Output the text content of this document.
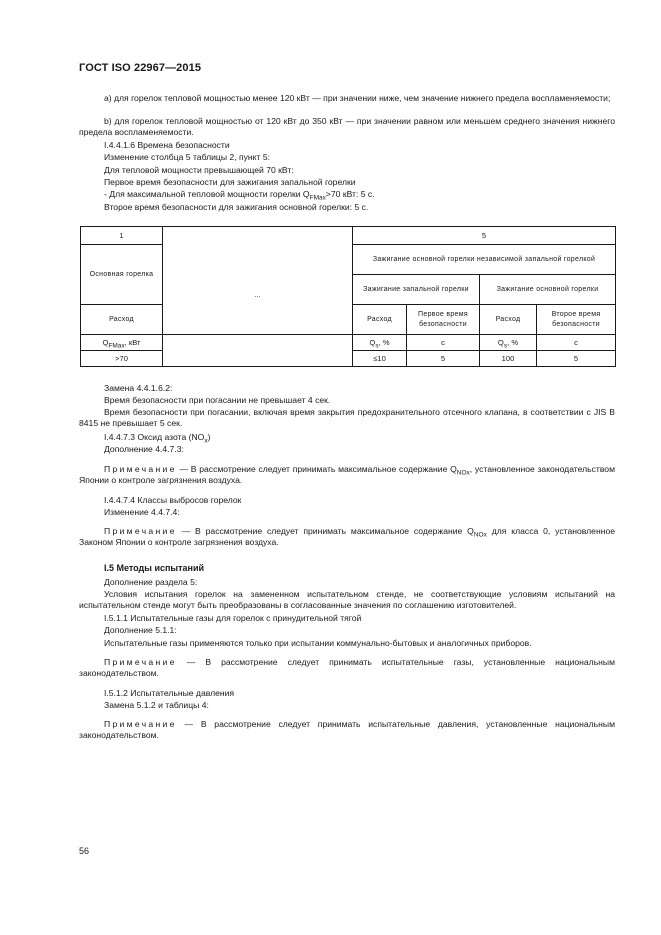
ГОСТ ISO 22967—2015
а) для горелок тепловой мощностью менее 120 кВт — при значении ниже, чем значение нижнего предела воспламеняемости;
b) для горелок тепловой мощностью от 120 кВт до 350 кВт — при значении равном или меньшем среднего значения нижнего предела воспламеняемости.
I.4.4.1.6 Времена безопасности
Изменение столбца 5 таблицы 2, пункт 5:
Для тепловой мощности превышающей 70 кВт:
Первое время безопасности для зажигания запальной горелки
- Для максимальной тепловой мощности горелки $Q_{FMax}>70$ кВт: 5 с.
Второе время безопасности для зажигания основной горелки: 5 с.
1	...	5			
Основная горелка		Зажигание основной горелки независимой запальной горелкой			
		Зажигание запальной горелки		Зажигание основной горелки	
Расход		Расход	Первое время безопасности	Расход	Второе время безопасности
$Q_{FMax}$, кВт		$Q_s$, %	c	$Q_s$, %	c
>70		≤10	5	100	5
Замена 4.4.1.6.2:
Время безопасности при погасании не превышает 4 сек.
Время безопасности при погасании, включая время закрытия предохранительного отсечного клапана, в соответствии с JIS B 8415 не превышает 5 сек.
I.4.4.7.3 Оксид азота $(NO_x)$
Дополнение 4.4.7.3:
Примечание — В рассмотрение следует принимать максимальное содержание $Q_{NOx}$, установленное законодательством Японии о контроле загрязнения воздуха.
I.4.4.7.4 Классы выбросов горелок
Изменение 4.4.7.4:
Примечание — В рассмотрение следует принимать максимальное содержание $Q_{NOx}$ для класса 0, установленное Законом Японии о контроле загрязнения воздуха.
I.5 Методы испытаний
Дополнение раздела 5:
Условия испытания горелок на замененном испытательном стенде, не соответствующие условиям испытаний на испытательном стенде могут быть преобразованы в согласованные значения по соглашению изготовителей.
I.5.1.1 Испытательные газы для горелок с принудительной тягой
Дополнение 5.1.1:
Испытательные газы применяются только при испытании коммунально-бытовых и аналогичных приборов.
Примечание — В рассмотрение следует принимать испытательные газы, установленные национальным законодательством.
I.5.1.2 Испытательные давления
Замена 5.1.2 и таблицы 4:
Примечание — В рассмотрение следует принимать испытательные давления, установленные национальным законодательством.
56
